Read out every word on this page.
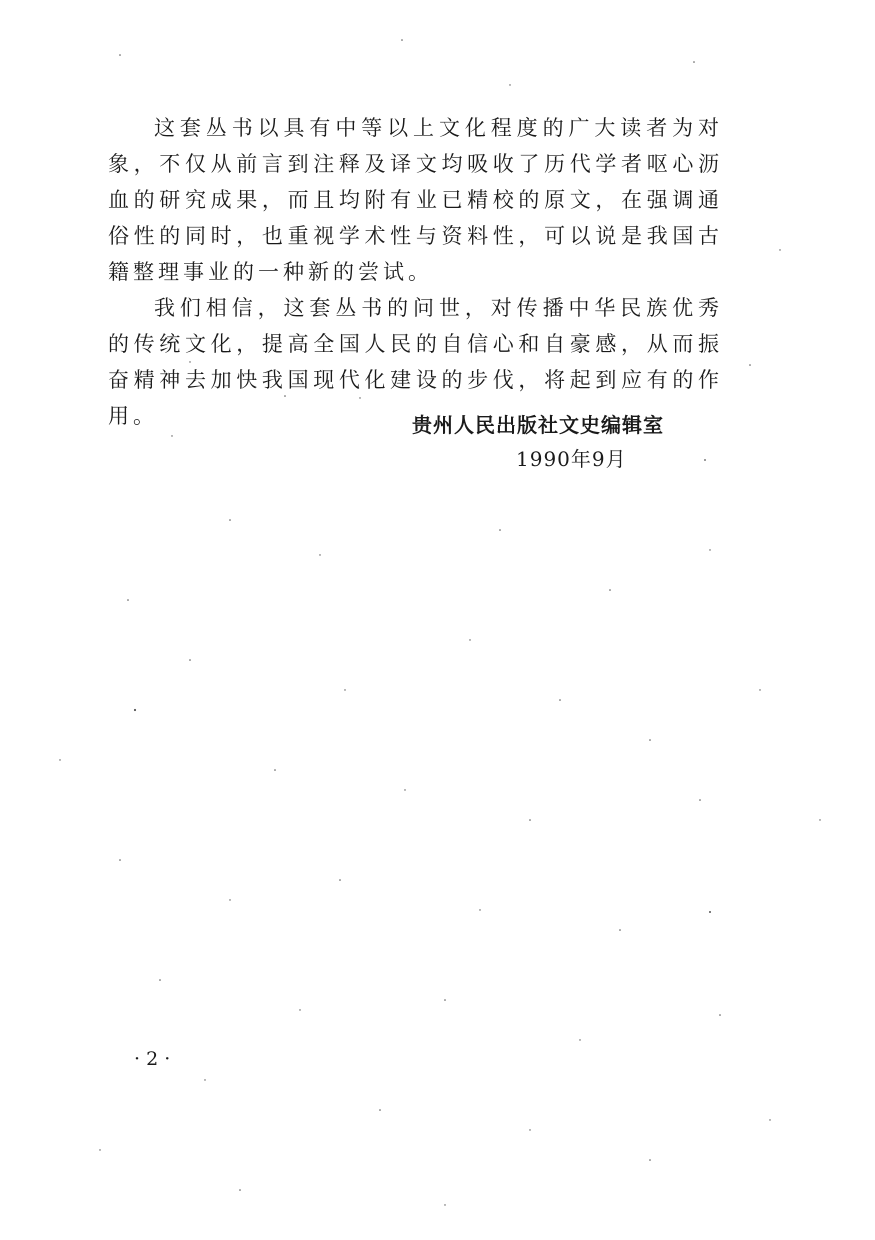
这套丛书以具有中等以上文化程度的广大读者为对象，不仅从前言到注释及译文均吸收了历代学者呕心沥血的研究成果，而且均附有业已精校的原文，在强调通俗性的同时，也重视学术性与资料性，可以说是我国古籍整理事业的一种新的尝试。

我们相信，这套丛书的问世，对传播中华民族优秀的传统文化，提高全国人民的自信心和自豪感，从而振奋精神去加快我国现代化建设的步伐，将起到应有的作用。	贵州人民出版社文史编辑室
1990年9月
· 2 ·
